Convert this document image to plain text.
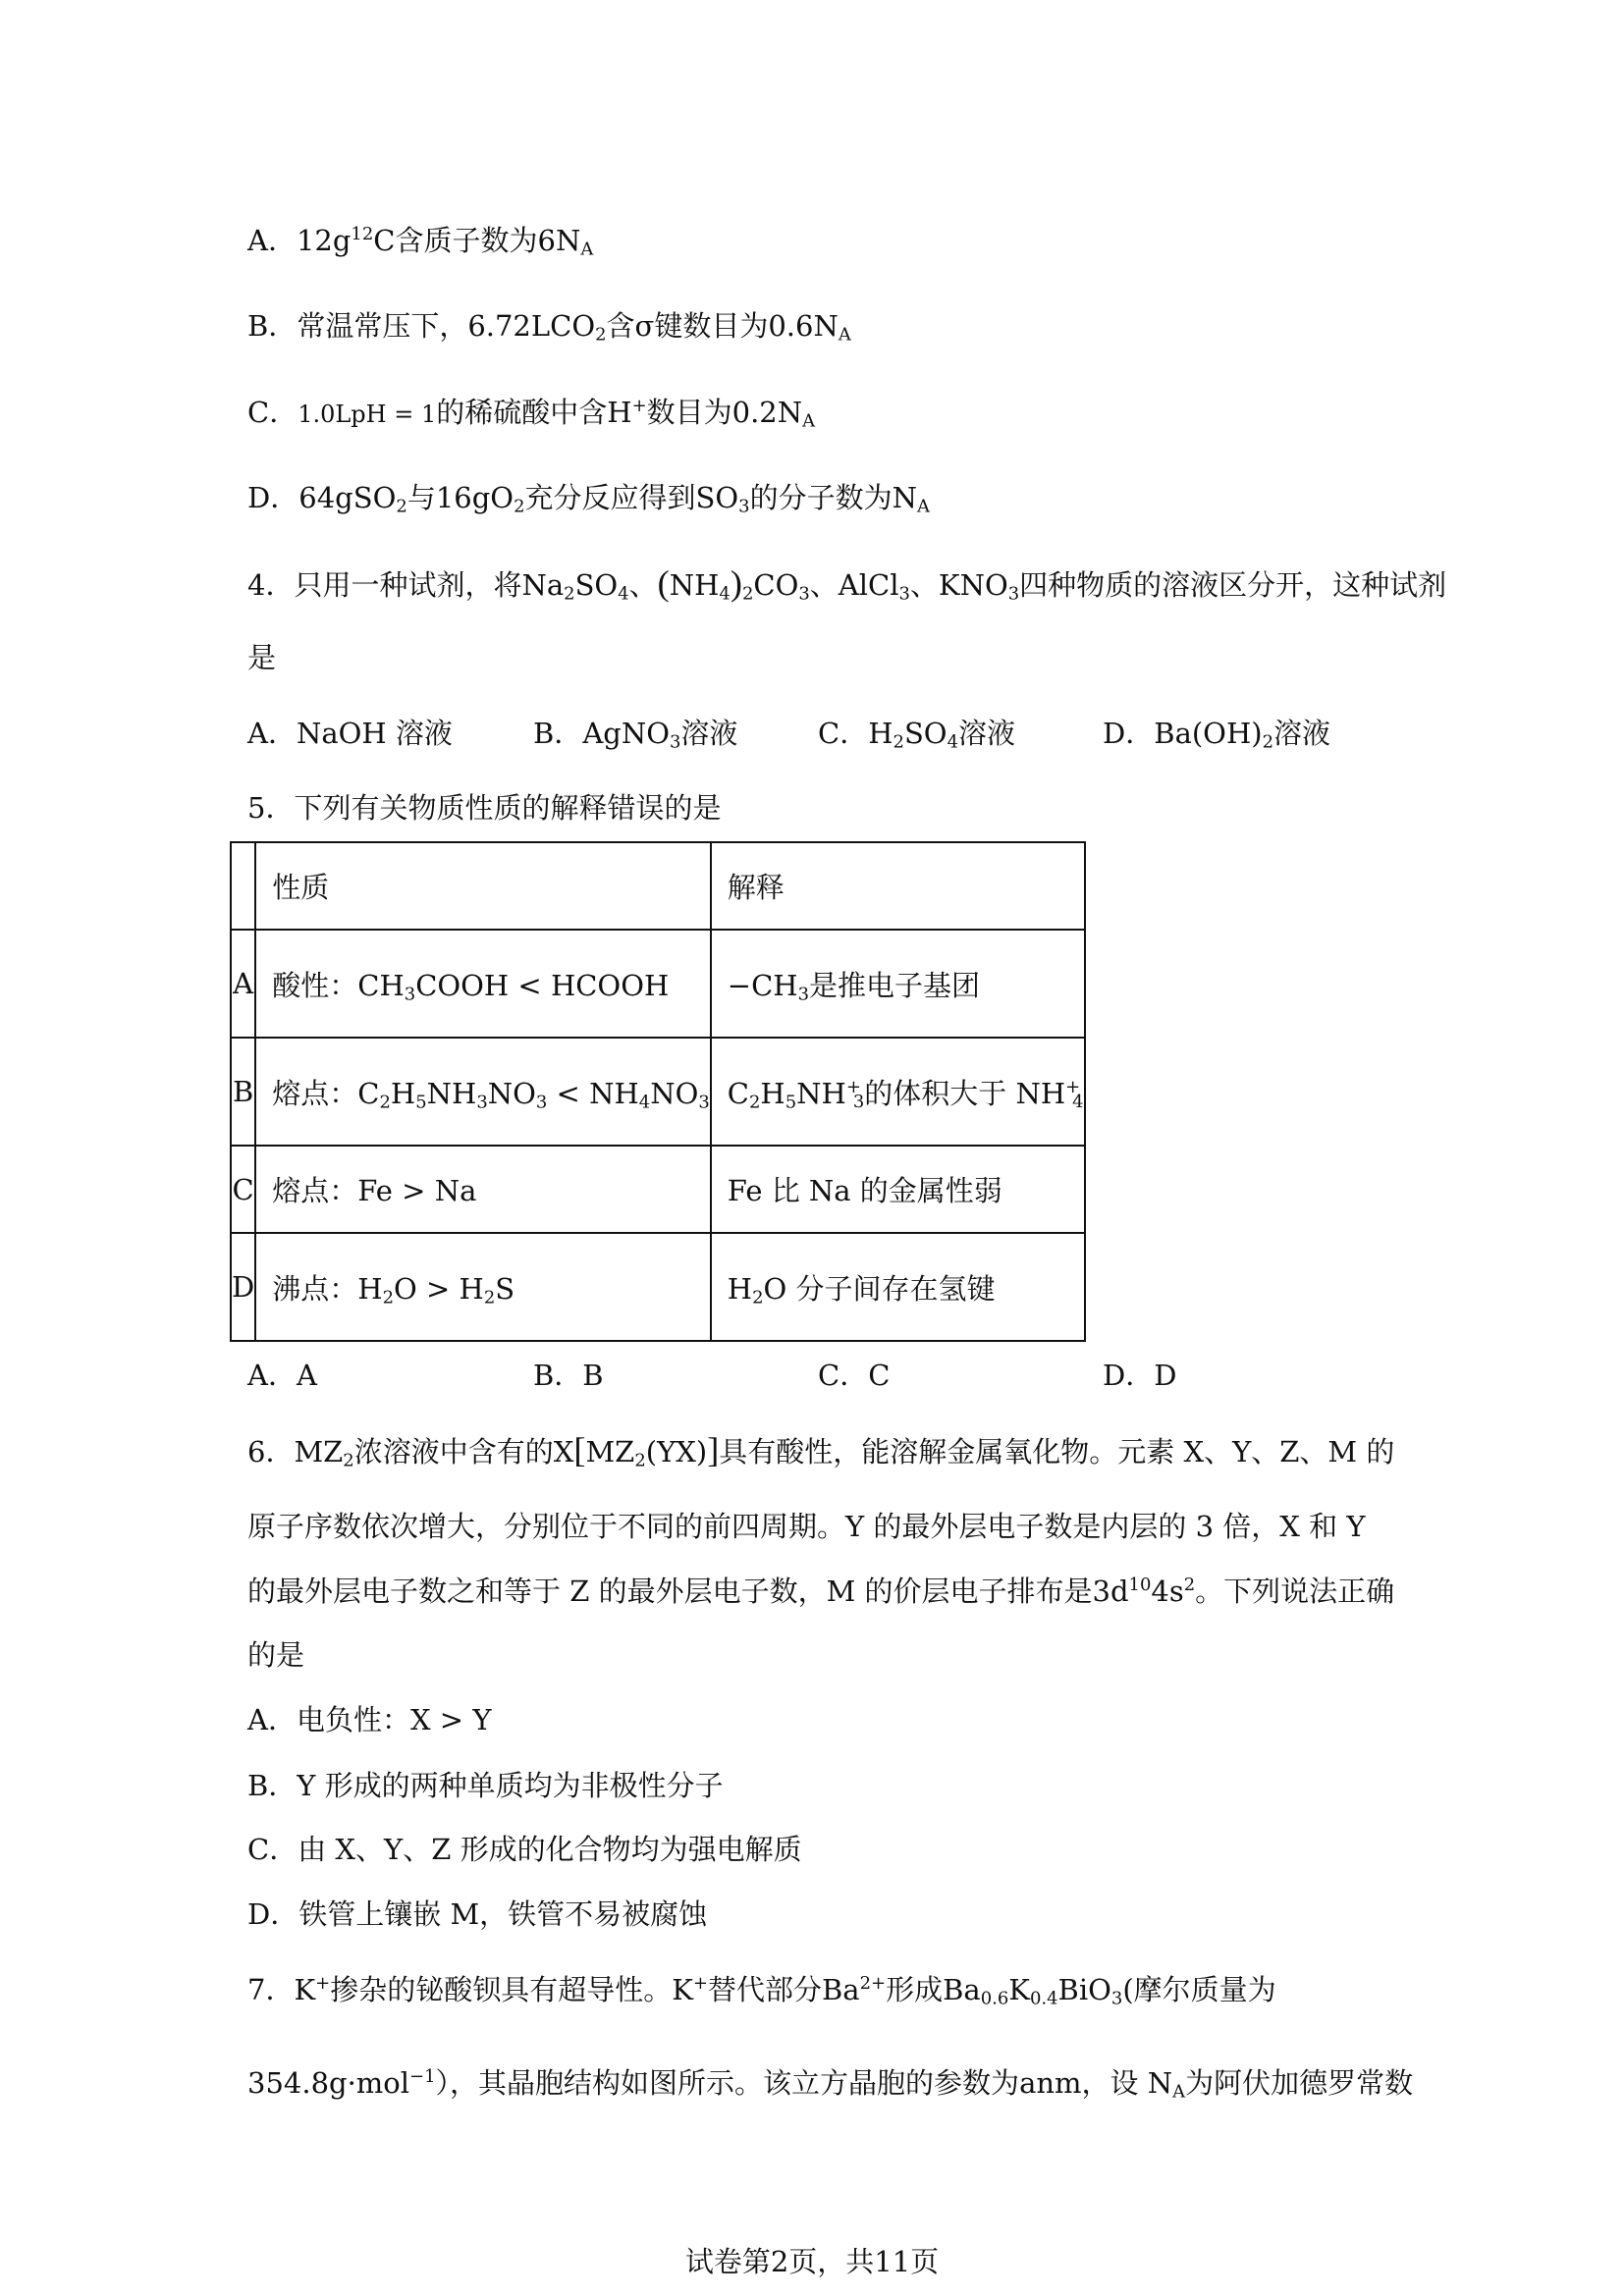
A．$12g^{12}C$含质子数为$6N_A$
B．常温常压下，$6.72LCO_2$含σ键数目为$0.6N_A$
C．1.0LpH = 1的稀硫酸中含H+数目为$0.2N_A$
D．64gSO$_2$与$16gO_2$充分反应得到$SO_3$的分子数为$N_A$
4．只用一种试剂，将$Na_2SO_4$、$(NH_4)_2CO_3$、AlCl$_3$、$KNO_3$四种物质的溶液区分开，这种试剂
是
A．NaOH 溶液	B．AgNO$_3$溶液	C．$H_2SO_4$溶液	D．$Ba(OH)_2$溶液
5．下列有关物质性质的解释错误的是
	性质	解释
A	酸性：$CH_3COOH$ < HCOOH	$-CH_3$是推电子基团
B	熔点：$C_2H_5NH_3NO_3 < NH_4NO_3$	$C_2H_5NH^+_3$的体积大于 $NH^+_4$
C	熔点：Fe > Na	Fe 比 Na 的金属性弱
D	沸点：$H_2O > H_2S$	$H_2O$ 分子间存在氢键
A．A	B．B	C．C	D．D
6．$MZ_2$浓溶液中含有的$X[MZ_2(YX)]$具有酸性，能溶解金属氧化物。元素 X、Y、Z、M 的
原子序数依次增大，分别位于不同的前四周期。Y 的最外层电子数是内层的 3 倍，X 和 Y
的最外层电子数之和等于 Z 的最外层电子数，M 的价层电子排布是$3d^{10}4s^2$。下列说法正确
的是
A．电负性：X > Y
B．Y 形成的两种单质均为非极性分子
C．由 X、Y、Z 形成的化合物均为强电解质
D．铁管上镶嵌 M，铁管不易被腐蚀
7．K+掺杂的铋酸钡具有超导性。K+替代部分$Ba^{2+}$形成$Ba_{0.6}K_{0.4}BiO_3$(摩尔质量为
354.8g·mol$^{-1}$），其晶胞结构如图所示。该立方晶胞的参数为anm，设 $N_A$为阿伏加德罗常数
试卷第2页，共11页
